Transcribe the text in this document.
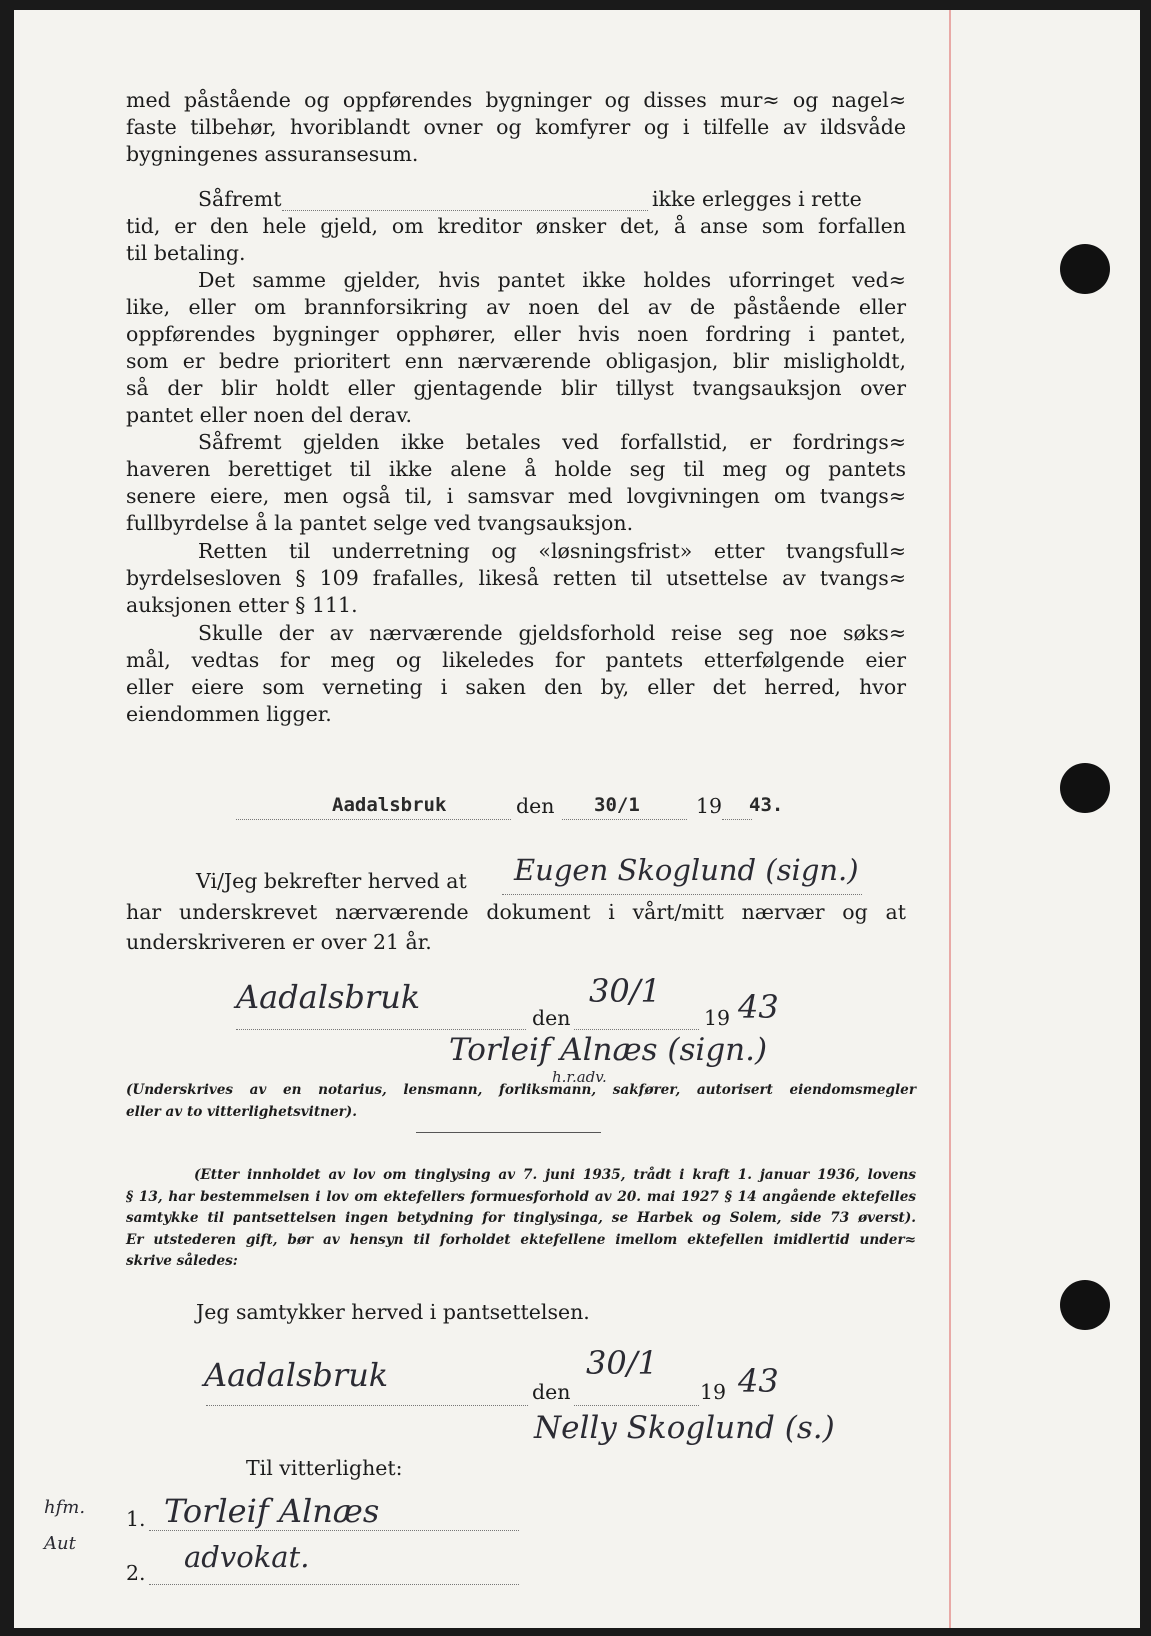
med påstående og oppførendes bygninger og disses mur≈ og nagel≈
faste tilbehør, hvoriblandt ovner og komfyrer og i tilfelle av ildsvåde
bygningenes assuransesum.
Såfremt	ikke erlegges i rette
tid, er den hele gjeld, om kreditor ønsker det, å anse som forfallen
til betaling.
Det samme gjelder, hvis pantet ikke holdes uforringet ved≈
like, eller om brannforsikring av noen del av de påstående eller
oppførendes bygninger opphører, eller hvis noen fordring i pantet,
som er bedre prioritert enn nærværende obligasjon, blir misligholdt,
så der blir holdt eller gjentagende blir tillyst tvangsauksjon over
pantet eller noen del derav.
Såfremt gjelden ikke betales ved forfallstid, er fordrings≈
haveren berettiget til ikke alene å holde seg til meg og pantets
senere eiere, men også til, i samsvar med lovgivningen om tvangs≈
fullbyrdelse å la pantet selge ved tvangsauksjon.
Retten til underretning og «løsningsfrist» etter tvangsfull≈
byrdelsesloven § 109 frafalles, likeså retten til utsettelse av tvangs≈
auksjonen etter § 111.
Skulle der av nærværende gjeldsforhold reise seg noe søks≈
mål, vedtas for meg og likeledes for pantets etterfølgende eier
eller eiere som verneting i saken den by, eller det herred, hvor
eiendommen ligger.
Aadalsbruk	den 30/1	19 43.
Vi/Jeg bekrefter herved at Eugen Skoglund (sign.)
har underskrevet nærværende dokument i vårt/mitt nærvær og at
underskriveren er over 21 år.
Aadalsbruk
den
30/1
19 43
Torleif Alnæs (sign.)
h.r.adv.
(Underskrives av en notarius, lensmann, forliksmann, sakfører, autorisert eiendomsmegler
eller av to vitterlighetsvitner).
(Etter innholdet av lov om tinglysing av 7. juni 1935, trådt i kraft 1. januar 1936, lovens
§ 13, har bestemmelsen i lov om ektefellers formuesforhold av 20. mai 1927 § 14 angående ektefelles
samtykke til pantsettelsen ingen betydning for tinglysinga, se Harbek og Solem, side 73 øverst).
Er utstederen gift, bør av hensyn til forholdet ektefellene imellom ektefellen imidlertid under≈
skrive således:
Jeg samtykker herved i pantsettelsen.
Aadalsbruk	den
30/1
19 43
Nelly Skoglund (s.)
Til vitterlighet:
1.
2.
Torleif Alnæs
advokat.
hfm. Aut
